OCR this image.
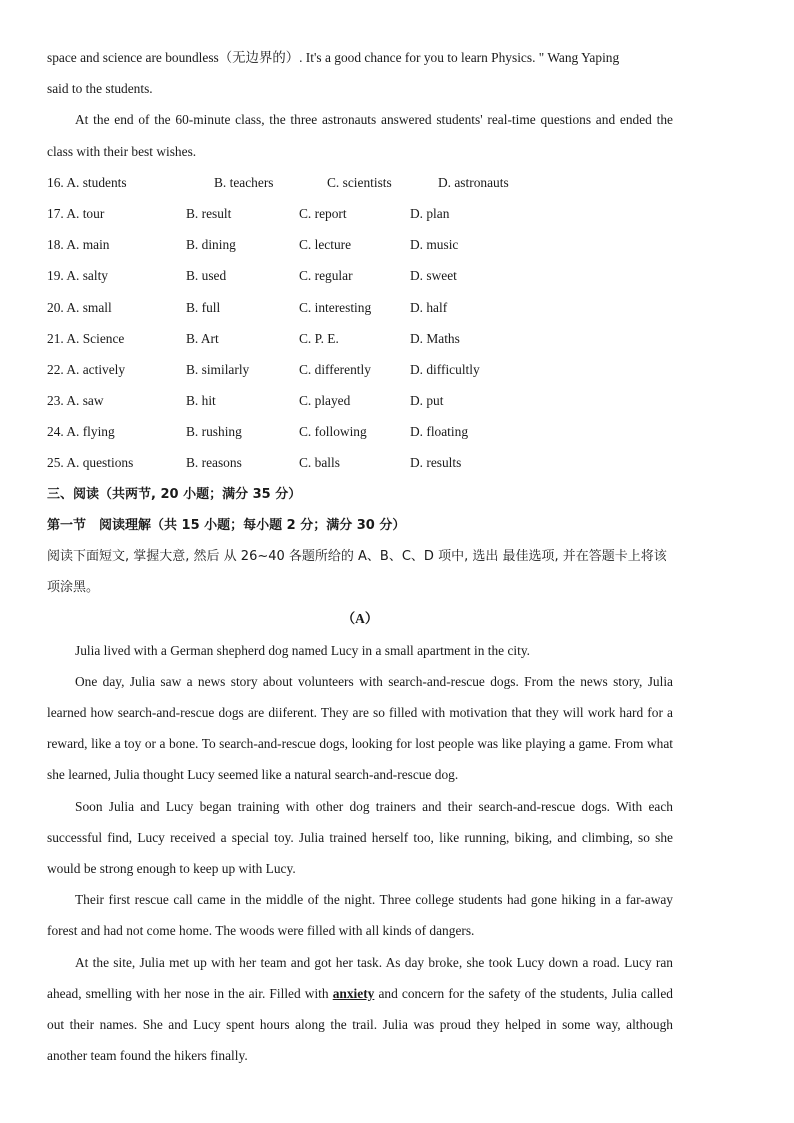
space and science are boundless（无边界的）. It's a good chance for you to learn Physics. " Wang Yaping
said to the students.

At the end of the 60-minute class, the three astronauts answered students' real-time questions and ended the class with their best wishes.

16. A. students	B. teachers	C. scientists	D. astronauts
17. A. tour	B. result	C. report	D. plan
18. A. main	B. dining	C. lecture	D. music
19. A. salty	B. used	C. regular	D. sweet
20. A. small	B. full	C. interesting	D. half
21. A. Science	B. Art	C. P. E.	D. Maths
22. A. actively	B. similarly	C. differently	D. difficultly
23. A. saw	B. hit	C. played	D. put
24. A. flying	B. rushing	C. following	D. floating
25. A. questions	B. reasons	C. balls	D. results
三、阅读（共两节, 20 小题；满分 35 分）
第一节　阅读理解（共 15 小题；每小题 2 分；满分 30 分）

阅读下面短文, 掌握大意, 然后 从 26~40 各题所给的 A、B、C、D 项中, 选出 最佳选项, 并在答题卡上将该项涂黑。

（A）

Julia lived with a German shepherd dog named Lucy in a small apartment in the city.

One day, Julia saw a news story about volunteers with search-and-rescue dogs. From the news story, Julia learned how search-and-rescue dogs are diiferent. They are so filled with motivation that they will work hard for a reward, like a toy or a bone. To search-and-rescue dogs, looking for lost people was like playing a game. From what she learned, Julia thought Lucy seemed like a natural search-and-rescue dog.

Soon Julia and Lucy began training with other dog trainers and their search-and-rescue dogs. With each successful find, Lucy received a special toy. Julia trained herself too, like running, biking, and climbing, so she would be strong enough to keep up with Lucy.

Their first rescue call came in the middle of the night. Three college students had gone hiking in a far-away forest and had not come home. The woods were filled with all kinds of dangers.

At the site, Julia met up with her team and got her task. As day broke, she took Lucy down a road. Lucy ran ahead, smelling with her nose in the air. Filled with anxiety and concern for the safety of the students, Julia called out their names. She and Lucy spent hours along the trail. Julia was proud they helped in some way, although another team found the hikers finally.
